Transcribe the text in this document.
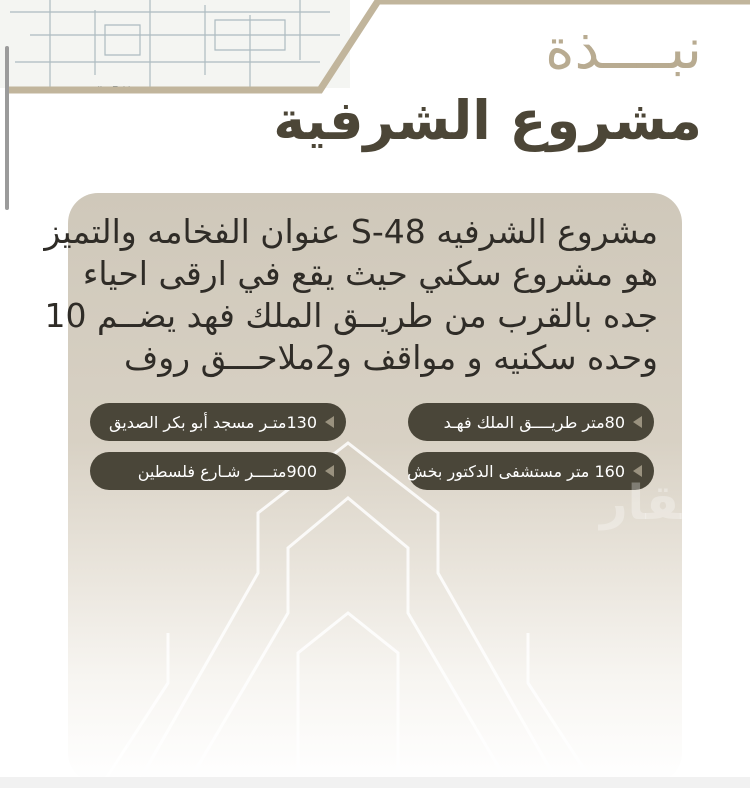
...ibn Zaid
نبــــذة
مشروع الشرفية
مشروع الشرفيه S-48 عنوان الفخامه والتميز
هو مشروع سكني حيث يقع في ارقى احياء
جده بالقرب من طريــق الملك فهد يضــم 10
وحده سكنيه و مواقف و2ملاحـــق روف
80متر طريــــق الملك فهـد
130متـر مسجد أبو بكر الصديق
160 متر مستشفى الدكتور بخش
900متــــر شـارع فلسطين
عقار
